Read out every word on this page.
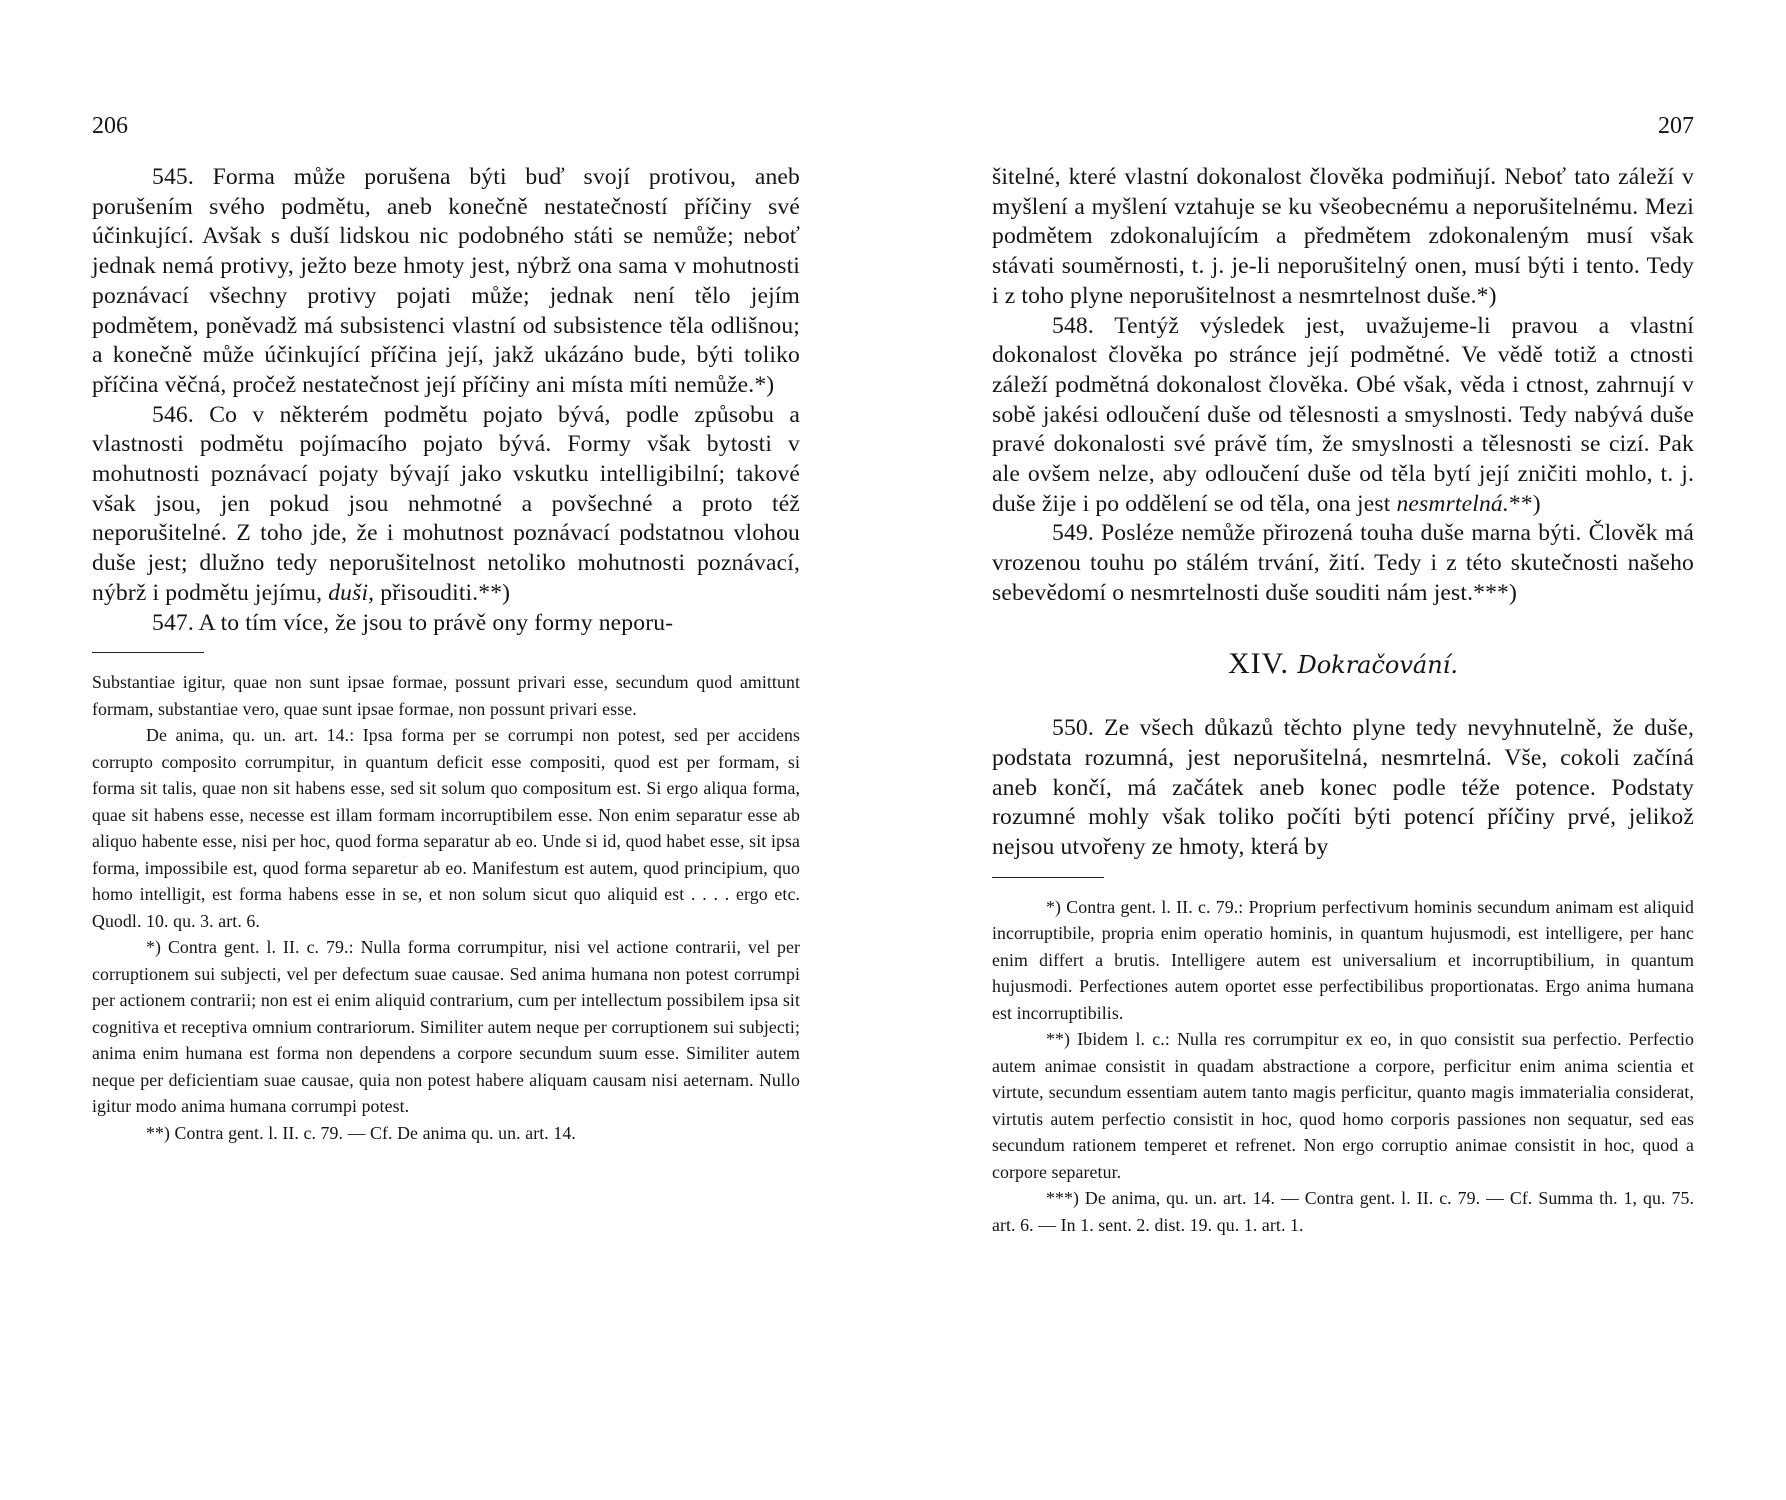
206

545. Forma může porušena býti buď svojí protivou, aneb porušením svého podmětu, aneb konečně nestatečností příčiny své účinkující. Avšak s duší lidskou nic podobného státi se nemůže; neboť jednak nemá protivy, ježto beze hmoty jest, nýbrž ona sama v mohutnosti poznávací všechny protivy pojati může; jednak není tělo jejím podmětem, poněvadž má subsistenci vlastní od subsistence těla odlišnou; a konečně může účinkující příčina její, jakž ukázáno bude, býti toliko příčina věčná, pročež nestatečnost její příčiny ani místa míti nemůže.*)

546. Co v některém podmětu pojato bývá, podle způsobu a vlastnosti podmětu pojímacího pojato bývá. Formy však bytosti v mohutnosti poznávací pojaty bývají jako vskutku intelligibilní; takové však jsou, jen pokud jsou nehmotné a povšechné a proto též neporušitelné. Z toho jde, že i mohutnost poznávací podstatnou vlohou duše jest; dlužno tedy neporušitelnost netoliko mohutnosti poznávací, nýbrž i podmětu jejímu, duši, přisouditi.**)

547. A to tím více, že jsou to právě ony formy neporu-

Substantiae igitur, quae non sunt ipsae formae, possunt privari esse, secundum quod amittunt formam, substantiae vero, quae sunt ipsae formae, non possunt privari esse.

De anima, qu. un. art. 14.: Ipsa forma per se corrumpi non potest, sed per accidens corrupto composito corrumpitur, in quantum deficit esse compositi, quod est per formam, si forma sit talis, quae non sit habens esse, sed sit solum quo compositum est. Si ergo aliqua forma, quae sit habens esse, necesse est illam formam incorruptibilem esse. Non enim separatur esse ab aliquo habente esse, nisi per hoc, quod forma separatur ab eo. Unde si id, quod habet esse, sit ipsa forma, impossibile est, quod forma separetur ab eo. Manifestum est autem, quod principium, quo homo intelligit, est forma habens esse in se, et non solum sicut quo aliquid est . . . . ergo etc. Quodl. 10. qu. 3. art. 6.

*) Contra gent. l. II. c. 79.: Nulla forma corrumpitur, nisi vel actione contrarii, vel per corruptionem sui subjecti, vel per defectum suae causae. Sed anima humana non potest corrumpi per actionem contrarii; non est ei enim aliquid contrarium, cum per intellectum possibilem ipsa sit cognitiva et receptiva omnium contrariorum. Similiter autem neque per corruptionem sui subjecti; anima enim humana est forma non dependens a corpore secundum suum esse. Similiter autem neque per deficientiam suae causae, quia non potest habere aliquam causam nisi aeternam. Nullo igitur modo anima humana corrumpi potest.

**) Contra gent. l. II. c. 79. — Cf. De anima qu. un. art. 14.

207

šitelné, které vlastní dokonalost člověka podmiňují. Neboť tato záleží v myšlení a myšlení vztahuje se ku všeobecnému a neporušitelnému. Mezi podmětem zdokonalujícím a předmětem zdokonaleným musí však stávati souměrnosti, t. j. je-li neporušitelný onen, musí býti i tento. Tedy i z toho plyne neporušitelnost a nesmrtelnost duše.*)

548. Tentýž výsledek jest, uvažujeme-li pravou a vlastní dokonalost člověka po stránce její podmětné. Ve vědě totiž a ctnosti záleží podmětná dokonalost člověka. Obé však, věda i ctnost, zahrnují v sobě jakési odloučení duše od tělesnosti a smyslnosti. Tedy nabývá duše pravé dokonalosti své právě tím, že smyslnosti a tělesnosti se cizí. Pak ale ovšem nelze, aby odloučení duše od těla bytí její zničiti mohlo, t. j. duše žije i po oddělení se od těla, ona jest nesmrtelná.**)

549. Posléze nemůže přirozená touha duše marna býti. Člověk má vrozenou touhu po stálém trvání, žití. Tedy i z této skutečnosti našeho sebevědomí o nesmrtelnosti duše souditi nám jest.***)

XIV. Dokračování.

550. Ze všech důkazů těchto plyne tedy nevyhnutelně, že duše, podstata rozumná, jest neporušitelná, nesmrtelná. Vše, cokoli začíná aneb končí, má začátek aneb konec podle téže potence. Podstaty rozumné mohly však toliko počíti býti potencí příčiny prvé, jelikož nejsou utvořeny ze hmoty, která by

*) Contra gent. l. II. c. 79.: Proprium perfectivum hominis secundum animam est aliquid incorruptibile, propria enim operatio hominis, in quantum hujusmodi, est intelligere, per hanc enim differt a brutis. Intelligere autem est universalium et incorruptibilium, in quantum hujusmodi. Perfectiones autem oportet esse perfectibilibus proportionatas. Ergo anima humana est incorruptibilis.

**) Ibidem l. c.: Nulla res corrumpitur ex eo, in quo consistit sua perfectio. Perfectio autem animae consistit in quadam abstractione a corpore, perficitur enim anima scientia et virtute, secundum essentiam autem tanto magis perficitur, quanto magis immaterialia considerat, virtutis autem perfectio consistit in hoc, quod homo corporis passiones non sequatur, sed eas secundum rationem temperet et refrenet. Non ergo corruptio animae consistit in hoc, quod a corpore separetur.

***) De anima, qu. un. art. 14. — Contra gent. l. II. c. 79. — Cf. Summa th. 1, qu. 75. art. 6. — In 1. sent. 2. dist. 19. qu. 1. art. 1.
